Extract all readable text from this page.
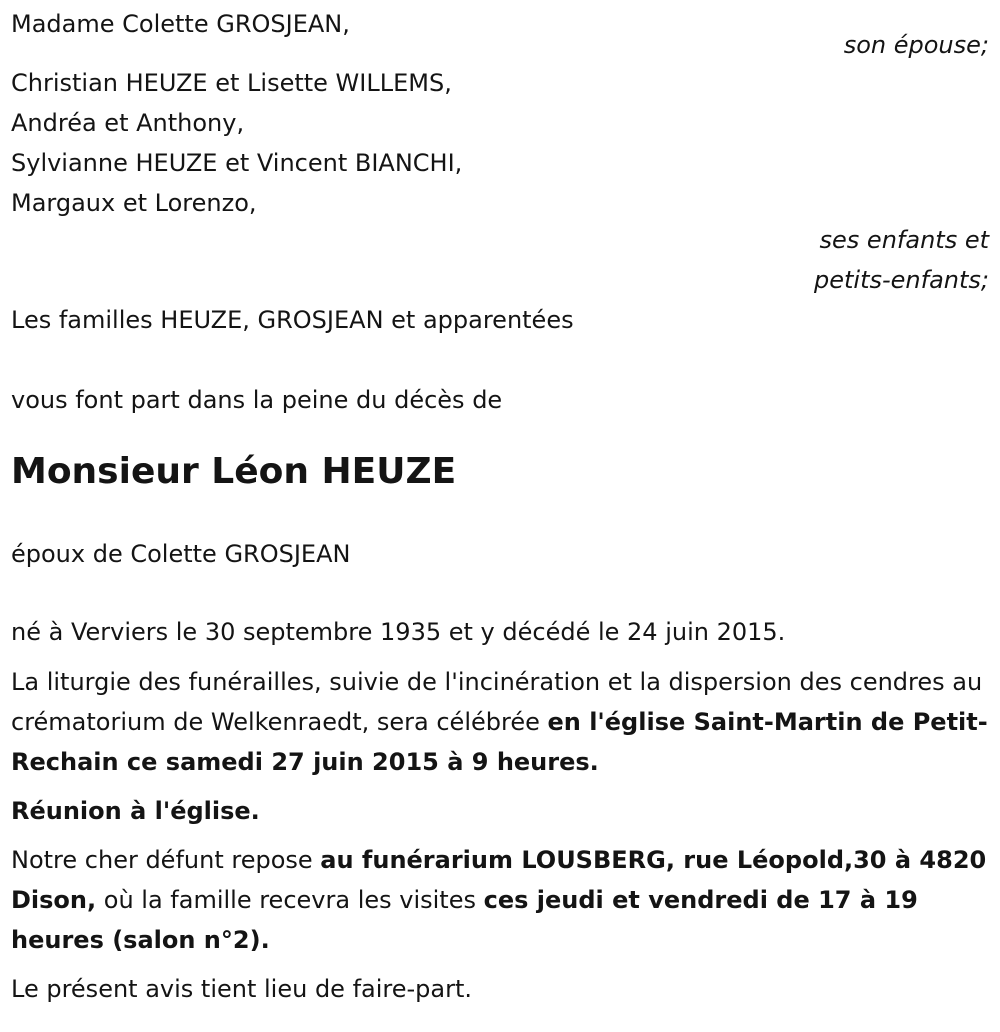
Madame Colette GROSJEAN,
son épouse;
Christian HEUZE et Lisette WILLEMS,
Andréa et Anthony,
Sylvianne HEUZE et Vincent BIANCHI,
Margaux et Lorenzo,
ses enfants et
petits-enfants;
Les familles HEUZE, GROSJEAN et apparentées
vous font part dans la peine du décès de
Monsieur Léon HEUZE
époux de Colette GROSJEAN
né à Verviers le 30 septembre 1935 et y décédé le 24 juin 2015.
La liturgie des funérailles, suivie de l'incinération et la dispersion des cendres au crématorium de Welkenraedt, sera célébrée en l'église Saint-Martin de Petit-Rechain ce samedi 27 juin 2015 à 9 heures.
Réunion à l'église.
Notre cher défunt repose au funérarium LOUSBERG, rue Léopold,30 à 4820 Dison, où la famille recevra les visites ces jeudi et vendredi de 17 à 19 heures (salon n°2).
Le présent avis tient lieu de faire-part.
